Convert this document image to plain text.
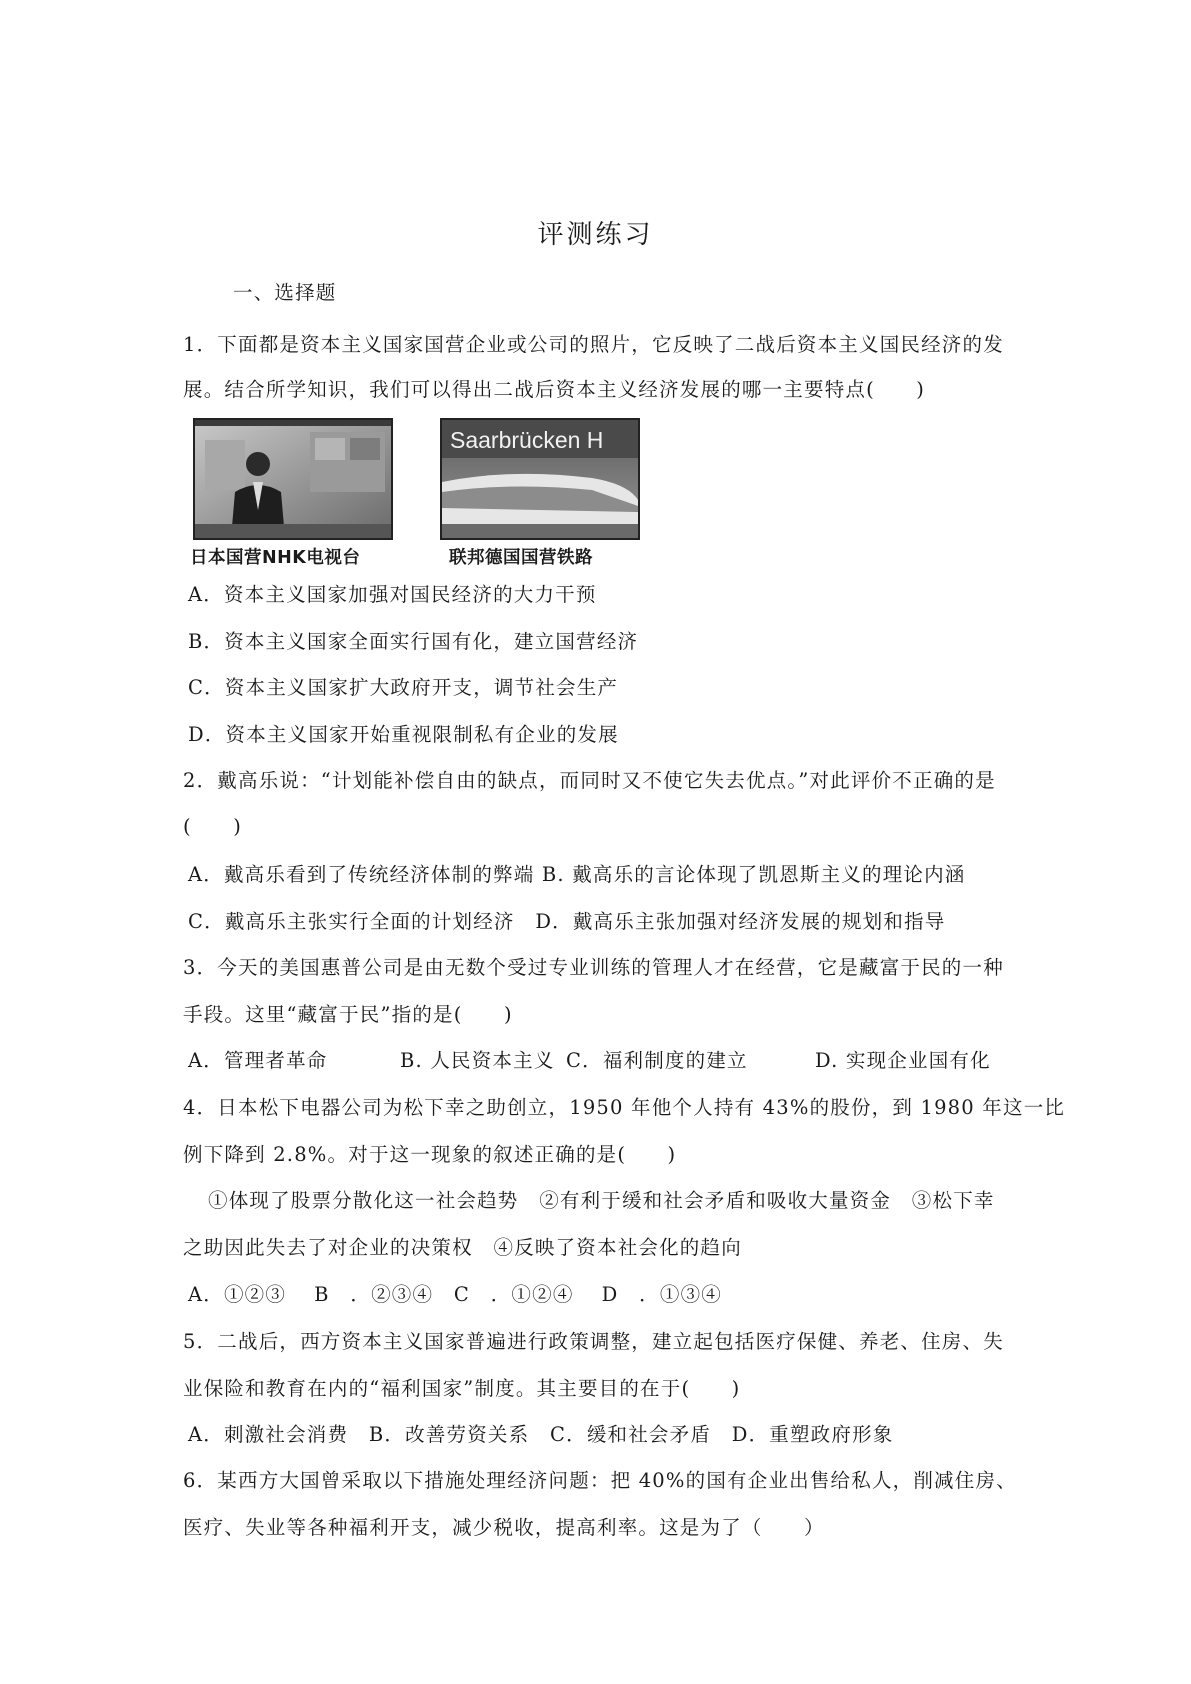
评测练习
一、选择题
1．下面都是资本主义国家国营企业或公司的照片，它反映了二战后资本主义国民经济的发
展。结合所学知识，我们可以得出二战后资本主义经济发展的哪一主要特点(　　)
日本国营NHK电视台
Saarbrücken H
联邦德国国营铁路
A．资本主义国家加强对国民经济的大力干预
B．资本主义国家全面实行国有化，建立国营经济
C．资本主义国家扩大政府开支，调节社会生产
D．资本主义国家开始重视限制私有企业的发展
2．戴高乐说：“计划能补偿自由的缺点，而同时又不使它失去优点。”对此评价不正确的是
(　　)
A．戴高乐看到了传统经济体制的弊端 B. 戴高乐的言论体现了凯恩斯主义的理论内涵
C．戴高乐主张实行全面的计划经济　D．戴高乐主张加强对经济发展的规划和指导
3．今天的美国惠普公司是由无数个受过专业训练的管理人才在经营，它是藏富于民的一种
手段。这里“藏富于民”指的是(　　)
A．管理者革命	B. 人民资本主义 C．福利制度的建立	D. 实现企业国有化
4．日本松下电器公司为松下幸之助创立，1950 年他个人持有 43%的股份，到 1980 年这一比
例下降到 2.8%。对于这一现象的叙述正确的是(　　)
①体现了股票分散化这一社会趋势　②有利于缓和社会矛盾和吸收大量资金　③松下幸
之助因此失去了对企业的决策权　④反映了资本社会化的趋向
A．①②③　 B　．②③④　C　．①②④　 D　．①③④
5．二战后，西方资本主义国家普遍进行政策调整，建立起包括医疗保健、养老、住房、失
业保险和教育在内的“福利国家”制度。其主要目的在于(　　)
A．刺激社会消费　B．改善劳资关系　C．缓和社会矛盾　D．重塑政府形象
6．某西方大国曾采取以下措施处理经济问题：把 40%的国有企业出售给私人，削减住房、
医疗、失业等各种福利开支，减少税收，提高利率。这是为了（　　）
